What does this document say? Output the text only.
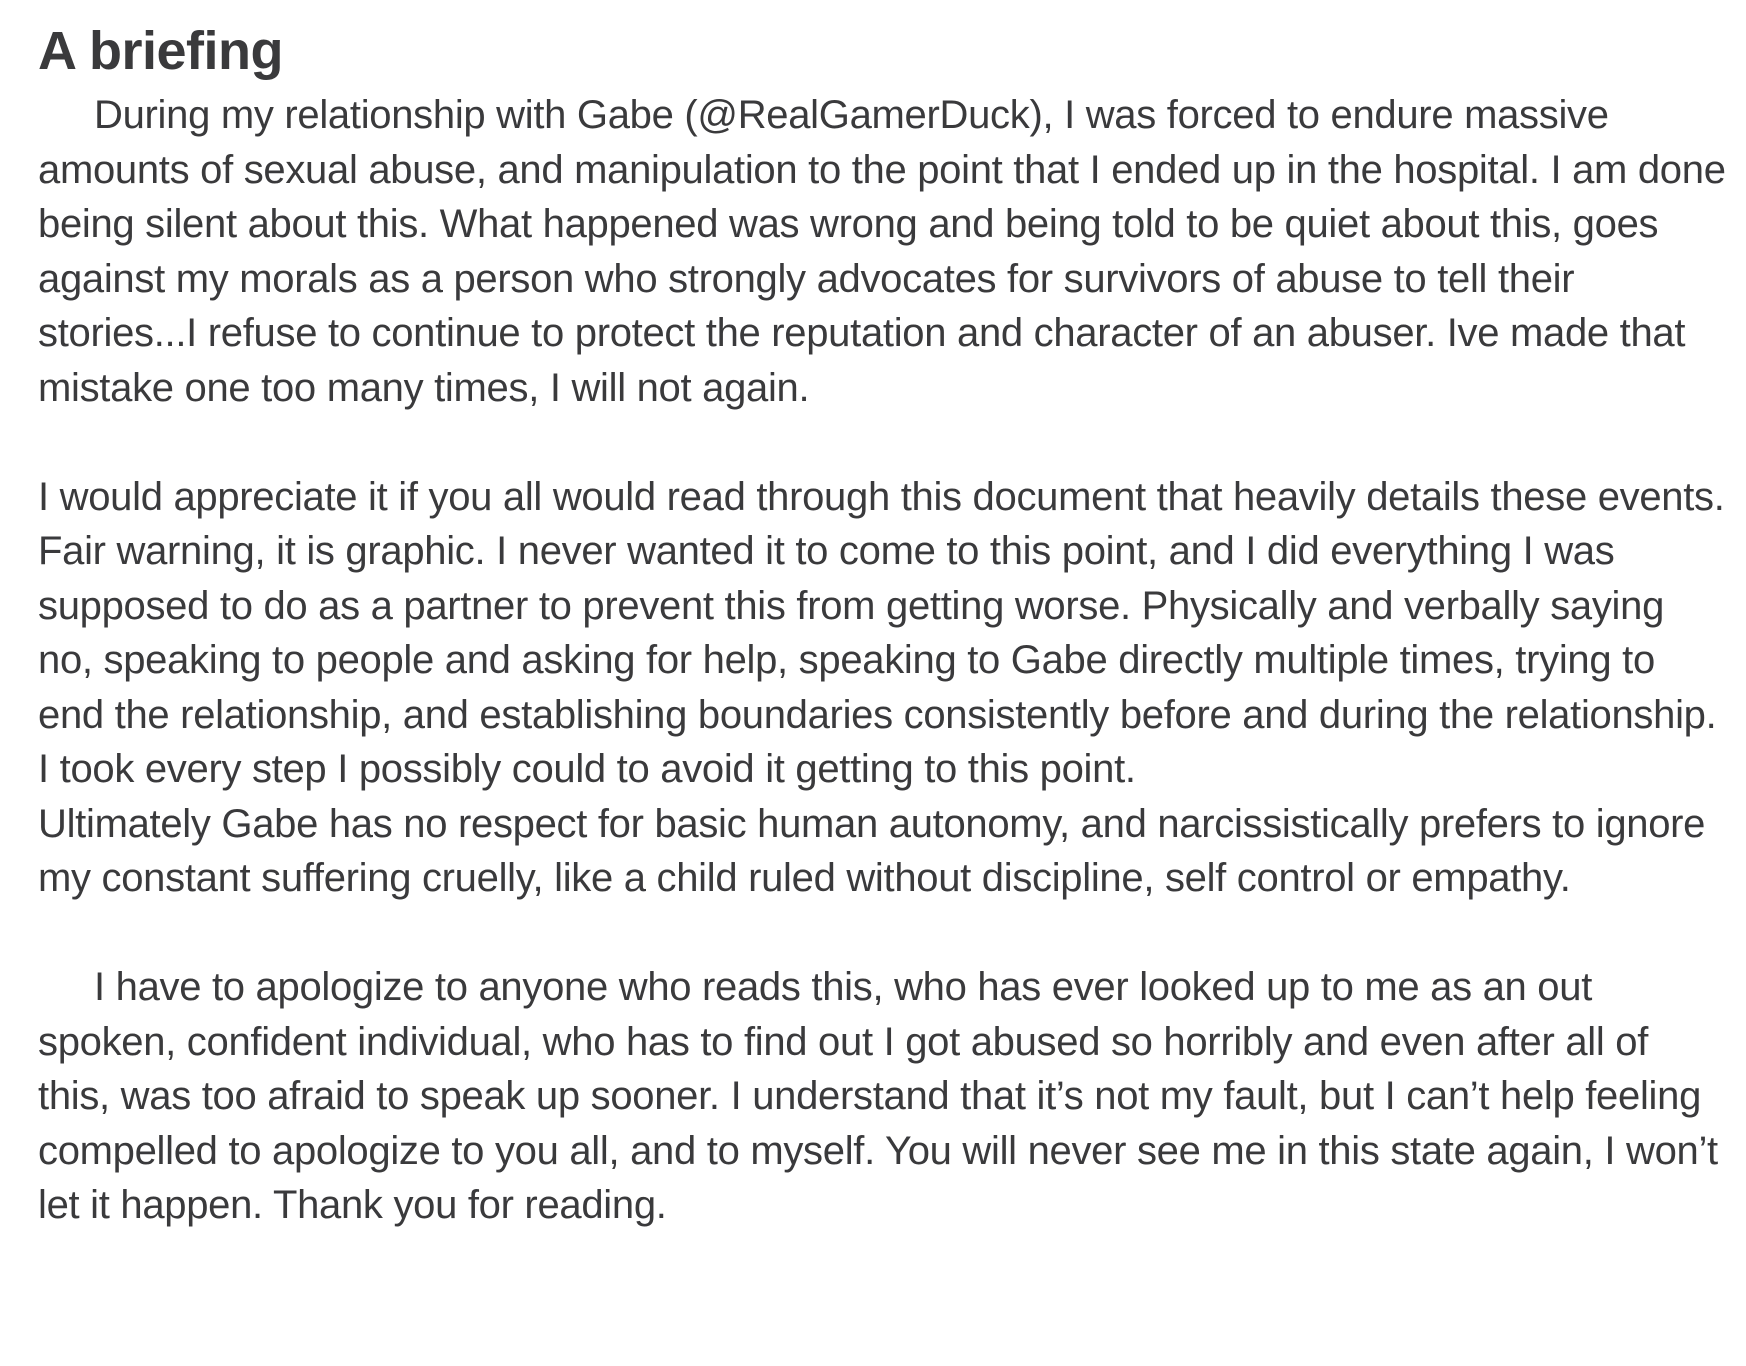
A briefing

During my relationship with Gabe (@RealGamerDuck), I was forced to endure massive amounts of sexual abuse, and manipulation to the point that I ended up in the hospital. I am done being silent about this. What happened was wrong and being told to be quiet about this, goes against my morals as a person who strongly advocates for survivors of abuse to tell their stories...I refuse to continue to protect the reputation and character of an abuser. Ive made that mistake one too many times, I will not again.

I would appreciate it if you all would read through this document that heavily details these events. Fair warning, it is graphic. I never wanted it to come to this point, and I did everything I was supposed to do as a partner to prevent this from getting worse. Physically and verbally saying no, speaking to people and asking for help, speaking to Gabe directly multiple times, trying to end the relationship, and establishing boundaries consistently before and during the relationship. I took every step I possibly could to avoid it getting to this point.

Ultimately Gabe has no respect for basic human autonomy, and narcissistically prefers to ignore my constant suffering cruelly, like a child ruled without discipline, self control or empathy.

I have to apologize to anyone who reads this, who has ever looked up to me as an out spoken, confident individual, who has to find out I got abused so horribly and even after all of this, was too afraid to speak up sooner. I understand that it’s not my fault, but I can’t help feeling compelled to apologize to you all, and to myself. You will never see me in this state again, I won’t let it happen. Thank you for reading.
